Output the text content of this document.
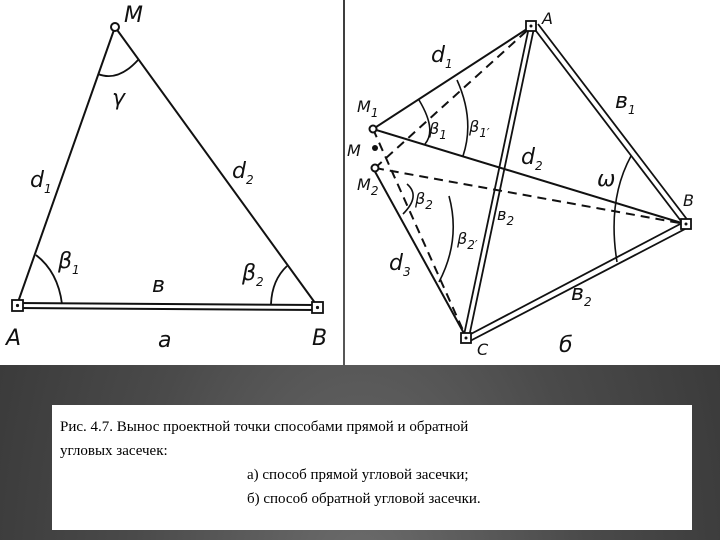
M
A	B
γ
$d_1$
$d_2$
$\beta_1$	$\beta_2$
в
a
A
B
C
M
$M_1$
$M_2$
$d_1$
$d_2$
$d_3$
$в_1$
$в_2$
$в_2$
$\beta_1$ $\beta_{1'}$
$\beta_2$
$\beta_{2'}$
ω
б

Рис. 4.7. Вынос проектной точки способами прямой и обратной

угловых засечек:

а) способ прямой угловой засечки;

б) способ обратной угловой засечки.
